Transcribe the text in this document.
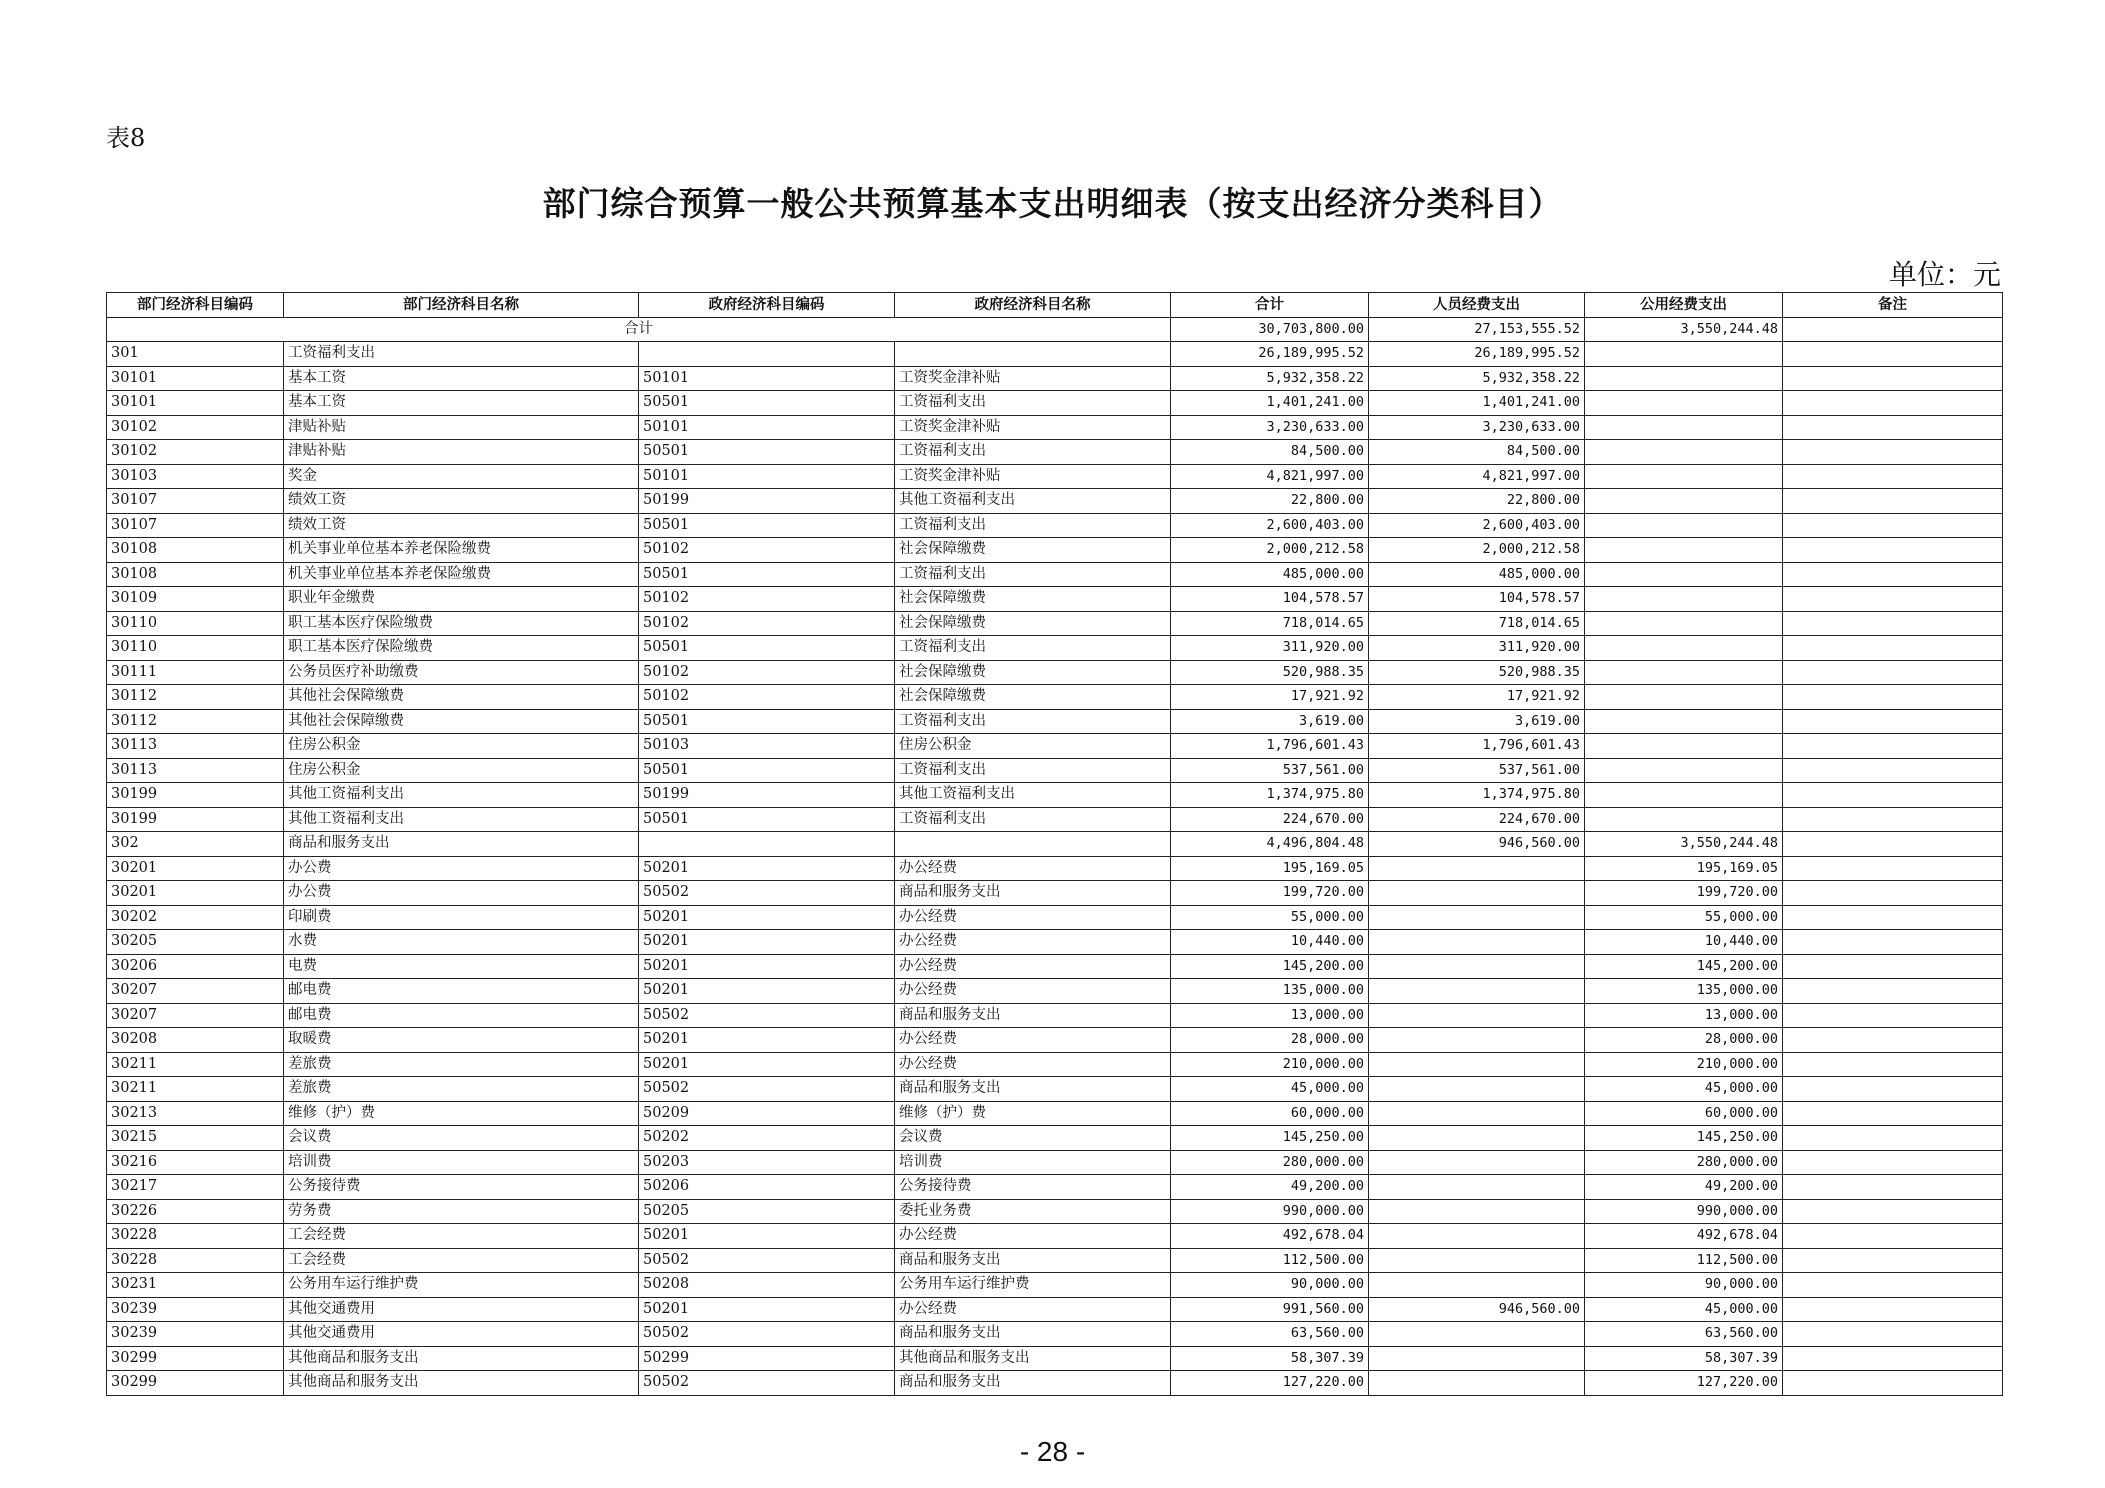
表8
部门综合预算一般公共预算基本支出明细表（按支出经济分类科目）
单位：元
部门经济科目编码	部门经济科目名称	政府经济科目编码	政府经济科目名称	合计	人员经费支出	公用经费支出	备注
合计				30,703,800.00	27,153,555.52	3,550,244.48	
301	工资福利支出			26,189,995.52	26,189,995.52		
30101	基本工资	50101	工资奖金津补贴	5,932,358.22	5,932,358.22		
30101	基本工资	50501	工资福利支出	1,401,241.00	1,401,241.00		
30102	津贴补贴	50101	工资奖金津补贴	3,230,633.00	3,230,633.00		
30102	津贴补贴	50501	工资福利支出	84,500.00	84,500.00		
30103	奖金	50101	工资奖金津补贴	4,821,997.00	4,821,997.00		
30107	绩效工资	50199	其他工资福利支出	22,800.00	22,800.00		
30107	绩效工资	50501	工资福利支出	2,600,403.00	2,600,403.00		
30108	机关事业单位基本养老保险缴费	50102	社会保障缴费	2,000,212.58	2,000,212.58		
30108	机关事业单位基本养老保险缴费	50501	工资福利支出	485,000.00	485,000.00		
30109	职业年金缴费	50102	社会保障缴费	104,578.57	104,578.57		
30110	职工基本医疗保险缴费	50102	社会保障缴费	718,014.65	718,014.65		
30110	职工基本医疗保险缴费	50501	工资福利支出	311,920.00	311,920.00		
30111	公务员医疗补助缴费	50102	社会保障缴费	520,988.35	520,988.35		
30112	其他社会保障缴费	50102	社会保障缴费	17,921.92	17,921.92		
30112	其他社会保障缴费	50501	工资福利支出	3,619.00	3,619.00		
30113	住房公积金	50103	住房公积金	1,796,601.43	1,796,601.43		
30113	住房公积金	50501	工资福利支出	537,561.00	537,561.00		
30199	其他工资福利支出	50199	其他工资福利支出	1,374,975.80	1,374,975.80		
30199	其他工资福利支出	50501	工资福利支出	224,670.00	224,670.00		
302	商品和服务支出			4,496,804.48	946,560.00	3,550,244.48	
30201	办公费	50201	办公经费	195,169.05		195,169.05	
30201	办公费	50502	商品和服务支出	199,720.00		199,720.00	
30202	印刷费	50201	办公经费	55,000.00		55,000.00	
30205	水费	50201	办公经费	10,440.00		10,440.00	
30206	电费	50201	办公经费	145,200.00		145,200.00	
30207	邮电费	50201	办公经费	135,000.00		135,000.00	
30207	邮电费	50502	商品和服务支出	13,000.00		13,000.00	
30208	取暖费	50201	办公经费	28,000.00		28,000.00	
30211	差旅费	50201	办公经费	210,000.00		210,000.00	
30211	差旅费	50502	商品和服务支出	45,000.00		45,000.00	
30213	维修（护）费	50209	维修（护）费	60,000.00		60,000.00	
30215	会议费	50202	会议费	145,250.00		145,250.00	
30216	培训费	50203	培训费	280,000.00		280,000.00	
30217	公务接待费	50206	公务接待费	49,200.00		49,200.00	
30226	劳务费	50205	委托业务费	990,000.00		990,000.00	
30228	工会经费	50201	办公经费	492,678.04		492,678.04	
30228	工会经费	50502	商品和服务支出	112,500.00		112,500.00	
30231	公务用车运行维护费	50208	公务用车运行维护费	90,000.00		90,000.00	
30239	其他交通费用	50201	办公经费	991,560.00	946,560.00	45,000.00	
30239	其他交通费用	50502	商品和服务支出	63,560.00		63,560.00	
30299	其他商品和服务支出	50299	其他商品和服务支出	58,307.39		58,307.39	
30299	其他商品和服务支出	50502	商品和服务支出	127,220.00		127,220.00	
- 28 -
